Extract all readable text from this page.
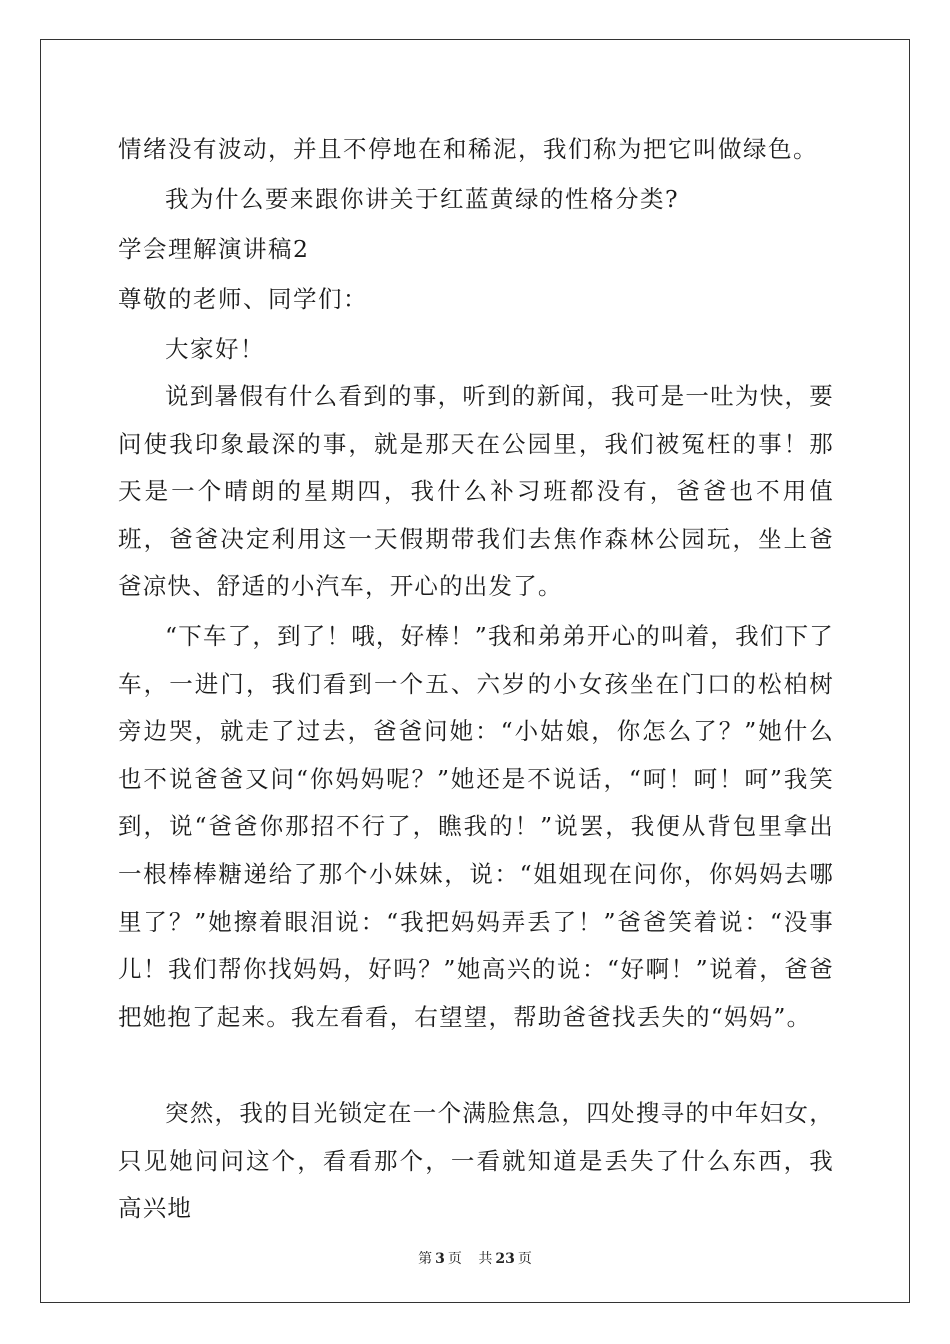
情绪没有波动，并且不停地在和稀泥，我们称为把它叫做绿色。
我为什么要来跟你讲关于红蓝黄绿的性格分类?
学会理解演讲稿2
尊敬的老师、同学们：
大家好！
说到暑假有什么看到的事，听到的新闻，我可是一吐为快，要问使我印象最深的事，就是那天在公园里，我们被冤枉的事！那天是一个晴朗的星期四，我什么补习班都没有，爸爸也不用值班，爸爸决定利用这一天假期带我们去焦作森林公园玩，坐上爸爸凉快、舒适的小汽车，开心的出发了。
“下车了，到了！哦，好棒！”我和弟弟开心的叫着，我们下了车，一进门，我们看到一个五、六岁的小女孩坐在门口的松柏树旁边哭，就走了过去，爸爸问她：“小姑娘，你怎么了？”她什么也不说爸爸又问“你妈妈呢？”她还是不说话，“呵！呵！呵”我笑到，说“爸爸你那招不行了，瞧我的！”说罢，我便从背包里拿出一根棒棒糖递给了那个小妹妹，说：“姐姐现在问你，你妈妈去哪里了？”她擦着眼泪说：“我把妈妈弄丢了！”爸爸笑着说：“没事儿！我们帮你找妈妈，好吗？”她高兴的说：“好啊！”说着，爸爸把她抱了起来。我左看看，右望望，帮助爸爸找丢失的“妈妈”。
突然，我的目光锁定在一个满脸焦急，四处搜寻的中年妇女，只见她问问这个，看看那个，一看就知道是丢失了什么东西，我高兴地
第 3 页 共 23 页
